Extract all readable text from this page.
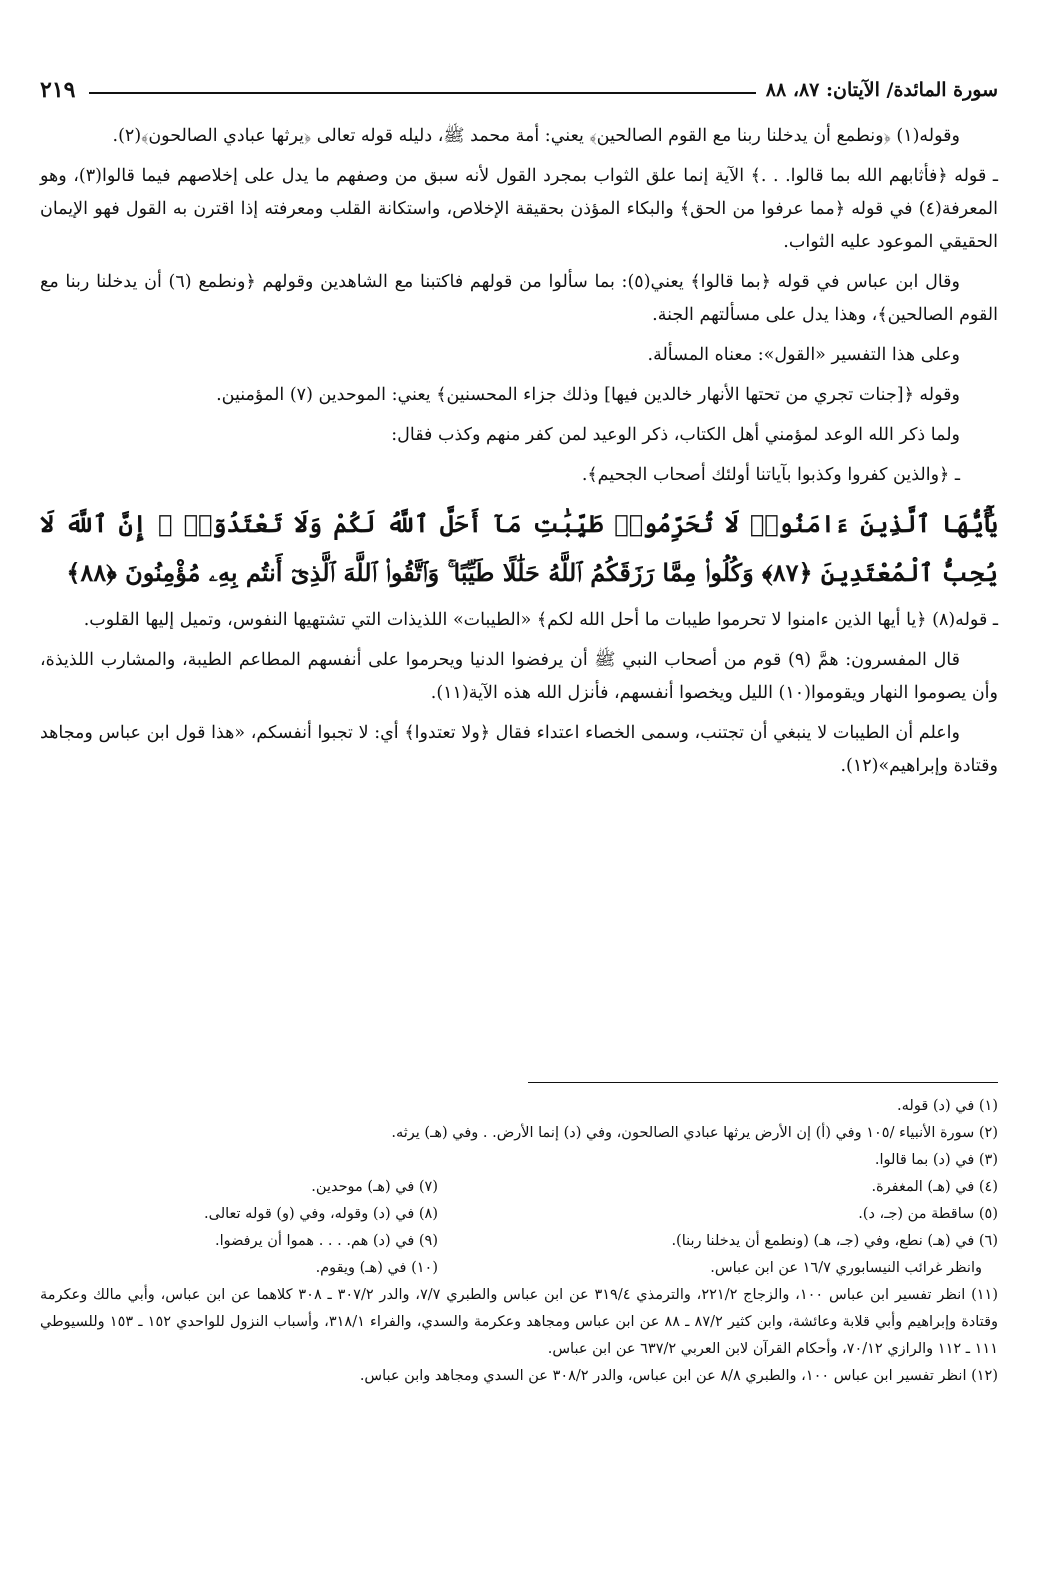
سورة المائدة/ الآيتان: ٨٧، ٨٨
٢١٩

وقوله(١) ﴿ونطمع أن يدخلنا ربنا مع القوم الصالحين﴾ يعني: أمة محمد ﷺ، دليله قوله تعالى ﴿يرثها عبادي الصالحون﴾(٢).

ـ قوله ﴿فأثابهم الله بما قالوا. . .﴾ الآية إنما علق الثواب بمجرد القول لأنه سبق من وصفهم ما يدل على إخلاصهم فيما قالوا(٣)، وهو المعرفة(٤) في قوله ﴿مما عرفوا من الحق﴾ والبكاء المؤذن بحقيقة الإخلاص، واستكانة القلب ومعرفته إذا اقترن به القول فهو الإيمان الحقيقي الموعود عليه الثواب.

وقال ابن عباس في قوله ﴿بما قالوا﴾ يعني(٥): بما سألوا من قولهم فاكتبنا مع الشاهدين وقولهم ﴿ونطمع (٦) أن يدخلنا ربنا مع القوم الصالحين﴾، وهذا يدل على مسألتهم الجنة.

وعلى هذا التفسير «القول»: معناه المسألة.

وقوله ﴿[جنات تجري من تحتها الأنهار خالدين فيها] وذلك جزاء المحسنين﴾ يعني: الموحدين (٧) المؤمنين.

ولما ذكر الله الوعد لمؤمني أهل الكتاب، ذكر الوعيد لمن كفر منهم وكذب فقال:

ـ ﴿والذين كفروا وكذبوا بآياتنا أولئك أصحاب الجحيم﴾.

يَٰٓأَيُّهَا ٱلَّذِينَ ءَامَنُوا۟ لَا تُحَرِّمُوا۟ طَيِّبَٰتِ مَآ أَحَلَّ ٱللَّهُ لَكُمْ وَلَا تَعْتَدُوٓا۟ ۚ إِنَّ ٱللَّهَ لَا يُحِبُّ ٱلْمُعْتَدِينَ ﴿٨٧﴾ وَكُلُوا۟ مِمَّا رَزَقَكُمُ ٱللَّهُ حَلَٰلًا طَيِّبًا ۚ وَٱتَّقُوا۟ ٱللَّهَ ٱلَّذِىٓ أَنتُم بِهِۦ مُؤْمِنُونَ ﴿٨٨﴾

ـ قوله(٨) ﴿يا أيها الذين ءامنوا لا تحرموا طيبات ما أحل الله لكم﴾ «الطيبات» اللذيذات التي تشتهيها النفوس، وتميل إليها القلوب.

قال المفسرون: همَّ (٩) قوم من أصحاب النبي ﷺ أن يرفضوا الدنيا ويحرموا على أنفسهم المطاعم الطيبة، والمشارب اللذيذة، وأن يصوموا النهار ويقوموا(١٠) الليل ويخصوا أنفسهم، فأنزل الله هذه الآية(١١).

واعلم أن الطيبات لا ينبغي أن تجتنب، وسمى الخصاء اعتداء فقال ﴿ولا تعتدوا﴾ أي: لا تجبوا أنفسكم، «هذا قول ابن عباس ومجاهد وقتادة وإبراهيم»(١٢).

(١) في (د) قوله.
(٢) سورة الأنبياء /١٠٥ وفي (أ) إن الأرض يرثها عبادي الصالحون، وفي (د) إنما الأرض. . وفي (هـ) يرثه.
(٣) في (د) بما قالوا.
(٤) في (هـ) المغفرة.
(٥) ساقطة من (جـ، د).
(٦) في (هـ) نطع، وفي (جـ، هـ) (ونطمع أن يدخلنا ربنا).
وانظر غرائب النيسابوري ١٦/٧ عن ابن عباس.
(٧) في (هـ) موحدين.
(٨) في (د) وقوله، وفي (و) قوله تعالى.
(٩) في (د) هم. . . . هموا أن يرفضوا.
(١٠) في (هـ) ويقوم.
(١١) انظر تفسير ابن عباس ١٠٠، والزجاج ٢٢١/٢، والترمذي ٣١٩/٤ عن ابن عباس والطبري ٧/٧، والدر ٣٠٧/٢ ـ ٣٠٨ كلاهما عن ابن عباس، وأبي مالك وعكرمة وقتادة وإبراهيم وأبي قلابة وعائشة، وابن كثير ٨٧/٢ ـ ٨٨ عن ابن عباس ومجاهد وعكرمة والسدي، والفراء ٣١٨/١، وأسباب النزول للواحدي ١٥٢ ـ ١٥٣ وللسيوطي ١١١ ـ ١١٢ والرازي ٧٠/١٢، وأحكام القرآن لابن العربي ٦٣٧/٢ عن ابن عباس.
(١٢) انظر تفسير ابن عباس ١٠٠، والطبري ٨/٨ عن ابن عباس، والدر ٣٠٨/٢ عن السدي ومجاهد وابن عباس.
